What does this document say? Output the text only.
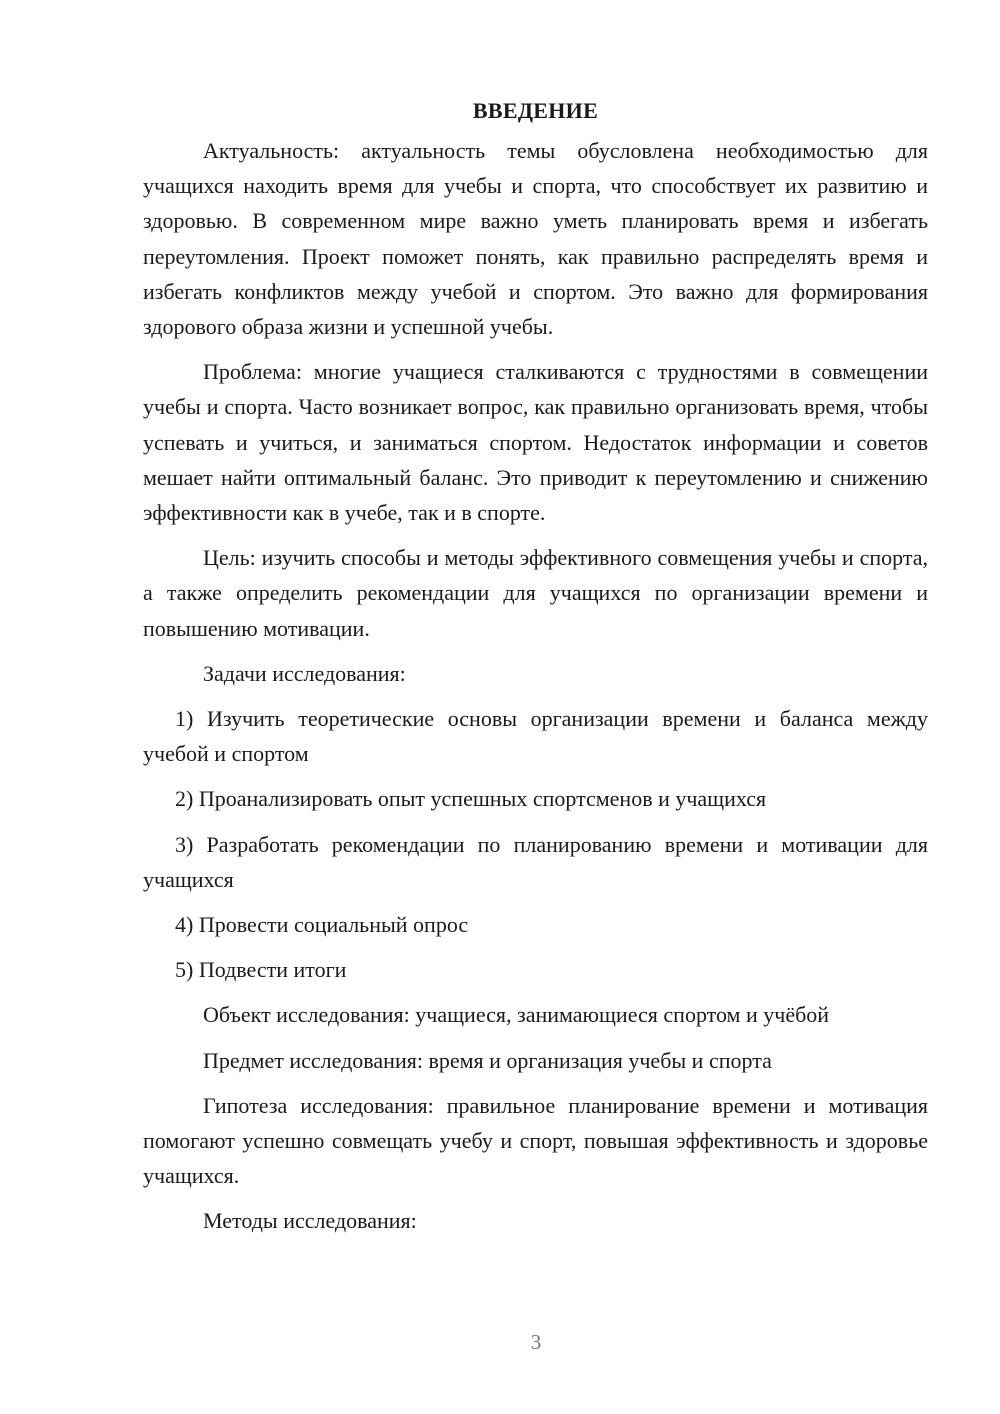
ВВЕДЕНИЕ

Актуальность: актуальность темы обусловлена необходимостью для учащихся находить время для учебы и спорта, что способствует их развитию и здоровью. В современном мире важно уметь планировать время и избегать переутомления. Проект поможет понять, как правильно распределять время и избегать конфликтов между учебой и спортом. Это важно для формирования здорового образа жизни и успешной учебы.

Проблема: многие учащиеся сталкиваются с трудностями в совмещении учебы и спорта. Часто возникает вопрос, как правильно организовать время, чтобы успевать и учиться, и заниматься спортом. Недостаток информации и советов мешает найти оптимальный баланс. Это приводит к переутомлению и снижению эффективности как в учебе, так и в спорте.

Цель: изучить способы и методы эффективного совмещения учебы и спорта, а также определить рекомендации для учащихся по организации времени и повышению мотивации.

Задачи исследования:

1) Изучить теоретические основы организации времени и баланса между учебой и спортом

2) Проанализировать опыт успешных спортсменов и учащихся

3) Разработать рекомендации по планированию времени и мотивации для учащихся

4) Провести социальный опрос

5) Подвести итоги

Объект исследования: учащиеся, занимающиеся спортом и учёбой

Предмет исследования: время и организация учебы и спорта

Гипотеза исследования: правильное планирование времени и мотивация помогают успешно совмещать учебу и спорт, повышая эффективность и здоровье учащихся.

Методы исследования:

3
